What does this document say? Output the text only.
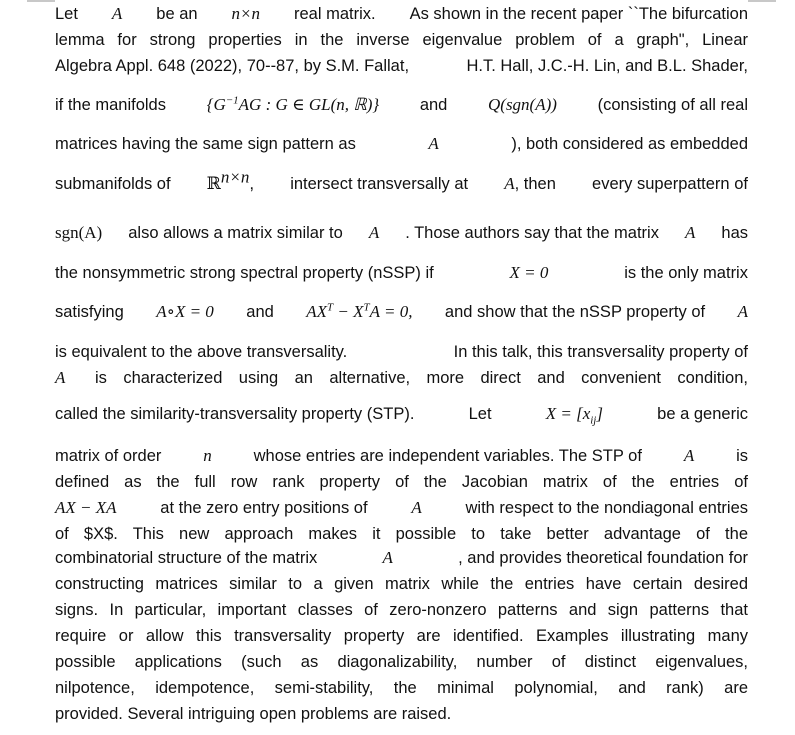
Let A be an n×n real matrix. As shown in the recent paper ``The bifurcation
lemma for strong properties in the inverse eigenvalue problem of a graph", Linear
Algebra Appl. 648 (2022), 70--87, by S.M. Fallat,	H.T. Hall, J.C.-H. Lin, and B.L. Shader,
if the manifolds {$G^{-1}AG$ : G ∈ GL(n, ℝ)} and Q(sgn(A)) (consisting of all real
matrices having the same sign pattern as	A	), both considered as embedded
submanifolds of ℝ$^{n\times n}$, intersect transversally at A, then every superpattern of
sgn(A) also allows a matrix similar to A . Those authors say that the matrix A has
the nonsymmetric strong spectral property (nSSP) if	X = 0	is the only matrix
satisfying A∘X = 0 and $AX^T - X^TA = 0$, and show that the nSSP property of A
is equivalent to the above transversality.	In this talk, this transversality property of
A is characterized using an alternative, more direct and convenient condition,
called the similarity-transversality property (STP).	Let	$X = [x_{ij}]$	be a generic
matrix of order n	whose entries are independent variables. The STP of A	is
defined as the full row rank property of the Jacobian matrix of the entries of
AX − XA	at the zero entry positions of	A	with respect to the nondiagonal entries
of $X$. This new approach makes it possible to take better advantage of the
combinatorial structure of the matrix	A	, and provides theoretical foundation for
constructing matrices similar to a given matrix while the entries have certain desired
signs. In particular, important classes of zero-nonzero patterns and sign patterns that
require or allow this transversality property are identified. Examples illustrating many
possible applications (such as diagonalizability, number of distinct eigenvalues,
nilpotence, idempotence, semi-stability, the minimal polynomial, and rank) are
provided. Several intriguing open problems are raised.
